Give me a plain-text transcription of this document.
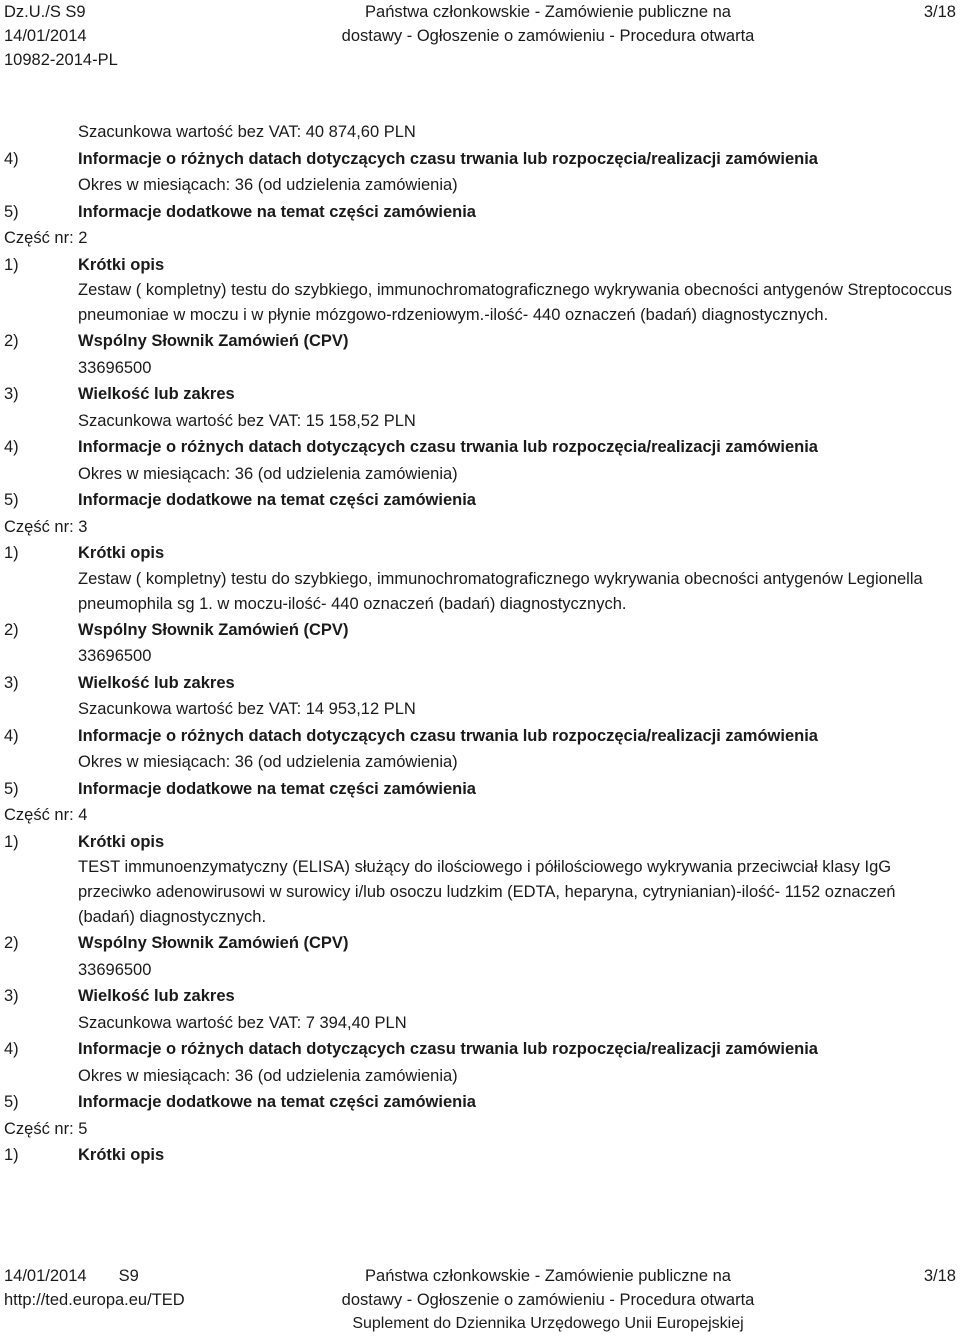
Dz.U./S S9
14/01/2014
10982-2014-PL
Państwa członkowskie - Zamówienie publiczne na
dostawy - Ogłoszenie o zamówieniu - Procedura otwarta
3/18
Szacunkowa wartość bez VAT: 40 874,60 PLN
4)	Informacje o różnych datach dotyczących czasu trwania lub rozpoczęcia/realizacji zamówienia
Okres w miesiącach: 36 (od udzielenia zamówienia)
5)	Informacje dodatkowe na temat części zamówienia
Część nr: 2
1)	Krótki opis
Zestaw ( kompletny) testu do szybkiego, immunochromatograficznego wykrywania obecności antygenów Streptococcus pneumoniae w moczu i w płynie mózgowo-rdzeniowym.-ilość- 440 oznaczeń (badań) diagnostycznych.
2)	Wspólny Słownik Zamówień (CPV)
33696500
3)	Wielkość lub zakres
Szacunkowa wartość bez VAT: 15 158,52 PLN
4)	Informacje o różnych datach dotyczących czasu trwania lub rozpoczęcia/realizacji zamówienia
Okres w miesiącach: 36 (od udzielenia zamówienia)
5)	Informacje dodatkowe na temat części zamówienia
Część nr: 3
1)	Krótki opis
Zestaw ( kompletny) testu do szybkiego, immunochromatograficznego wykrywania obecności antygenów Legionella pneumophila sg 1. w moczu-ilość- 440 oznaczeń (badań) diagnostycznych.
2)	Wspólny Słownik Zamówień (CPV)
33696500
3)	Wielkość lub zakres
Szacunkowa wartość bez VAT: 14 953,12 PLN
4)	Informacje o różnych datach dotyczących czasu trwania lub rozpoczęcia/realizacji zamówienia
Okres w miesiącach: 36 (od udzielenia zamówienia)
5)	Informacje dodatkowe na temat części zamówienia
Część nr: 4
1)	Krótki opis
TEST immunoenzymatyczny (ELISA) służący do ilościowego i półilościowego wykrywania przeciwciał klasy IgG przeciwko adenowirusowi w surowicy i/lub osoczu ludzkim (EDTA, heparyna, cytrynianian)-ilość- 1152 oznaczeń (badań) diagnostycznych.
2)	Wspólny Słownik Zamówień (CPV)
33696500
3)	Wielkość lub zakres
Szacunkowa wartość bez VAT: 7 394,40 PLN
4)	Informacje o różnych datach dotyczących czasu trwania lub rozpoczęcia/realizacji zamówienia
Okres w miesiącach: 36 (od udzielenia zamówienia)
5)	Informacje dodatkowe na temat części zamówienia
Część nr: 5
1)	Krótki opis
14/01/2014 S9
http://ted.europa.eu/TED
Państwa członkowskie - Zamówienie publiczne na
dostawy - Ogłoszenie o zamówieniu - Procedura otwarta
Suplement do Dziennika Urzędowego Unii Europejskiej
3/18
